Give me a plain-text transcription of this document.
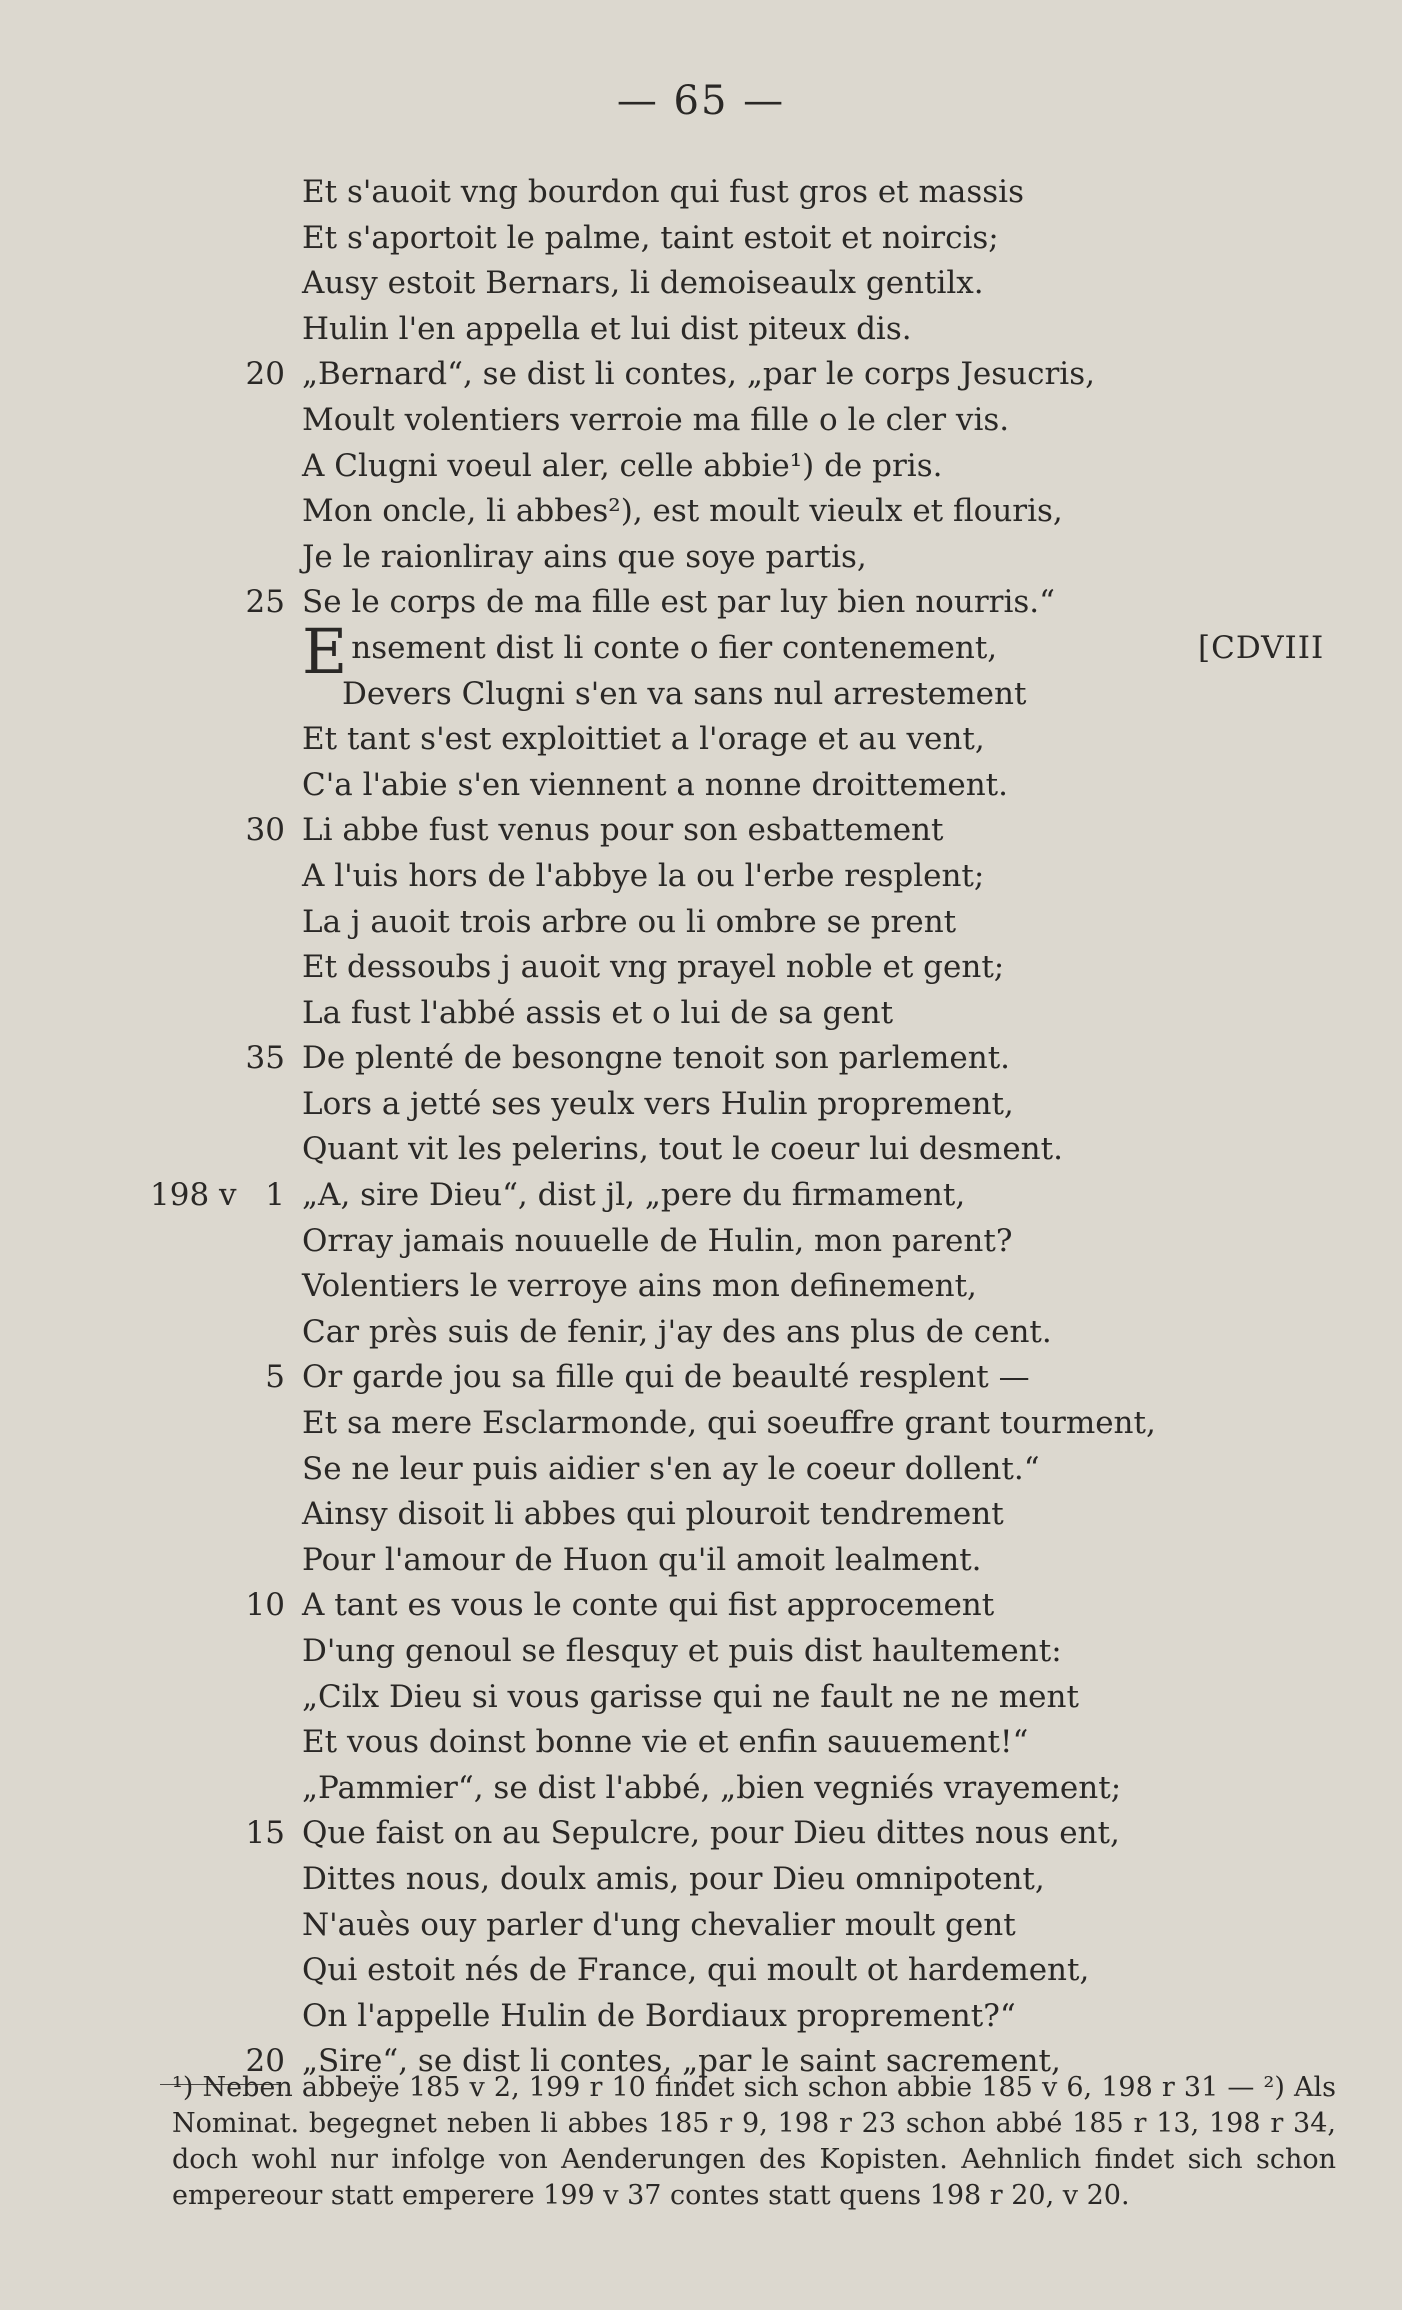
— 65 —
Et s'auoit vng bourdon qui fust gros et massis
Et s'aportoit le palme, taint estoit et noircis;
Ausy estoit Bernars, li demoiseaulx gentilx.
Hulin l'en appella et lui dist piteux dis.
20 „Bernard“, se dist li contes, „par le corps Jesucris,
Moult volentiers verroie ma fille o le cler vis.
A Clugni voeul aler, celle abbie¹) de pris.
Mon oncle, li abbes²), est moult vieulx et flouris,
Je le raionliray ains que soye partis,
25 Se le corps de ma fille est par luy bien nourris.“
Ensement dist li conte o fier contenement,	[CDVIII
Devers Clugni s'en va sans nul arrestement
Et tant s'est exploittiet a l'orage et au vent,
C'a l'abie s'en viennent a nonne droittement.
30 Li abbe fust venus pour son esbattement
A l'uis hors de l'abbye la ou l'erbe resplent;
La j auoit trois arbre ou li ombre se prent
Et dessoubs j auoit vng prayel noble et gent;
La fust l'abbé assis et o lui de sa gent
35 De plenté de besongne tenoit son parlement.
Lors a jetté ses yeulx vers Hulin proprement,
Quant vit les pelerins, tout le coeur lui desment.
198 v 1 „A, sire Dieu“, dist jl, „pere du firmament,
Orray jamais nouuelle de Hulin, mon parent?
Volentiers le verroye ains mon definement,
Car près suis de fenir, j'ay des ans plus de cent.
5 Or garde jou sa fille qui de beaulté resplent —
Et sa mere Esclarmonde, qui soeuffre grant tourment,
Se ne leur puis aidier s'en ay le coeur dollent.“
Ainsy disoit li abbes qui plouroit tendrement
Pour l'amour de Huon qu'il amoit lealment.
10 A tant es vous le conte qui fist approcement
D'ung genoul se flesquy et puis dist haultement:
„Cilx Dieu si vous garisse qui ne fault ne ne ment
Et vous doinst bonne vie et enfin sauuement!“
„Pammier“, se dist l'abbé, „bien vegniés vrayement;
15 Que faist on au Sepulcre, pour Dieu dittes nous ent,
Dittes nous, doulx amis, pour Dieu omnipotent,
N'auès ouy parler d'ung chevalier moult gent
Qui estoit nés de France, qui moult ot hardement,
On l'appelle Hulin de Bordiaux proprement?“
20 „Sire“, se dist li contes, „par le saint sacrement,

¹) Neben abbeÿe 185 v 2, 199 r 10 findet sich schon abbie 185 v 6, 198 r 31 — ²) Als Nominat. begegnet neben li abbes 185 r 9, 198 r 23 schon abbé 185 r 13, 198 r 34, doch wohl nur infolge von Aenderungen des Kopisten. Aehnlich findet sich schon empereour statt emperere 199 v 37 contes statt quens 198 r 20, v 20.
